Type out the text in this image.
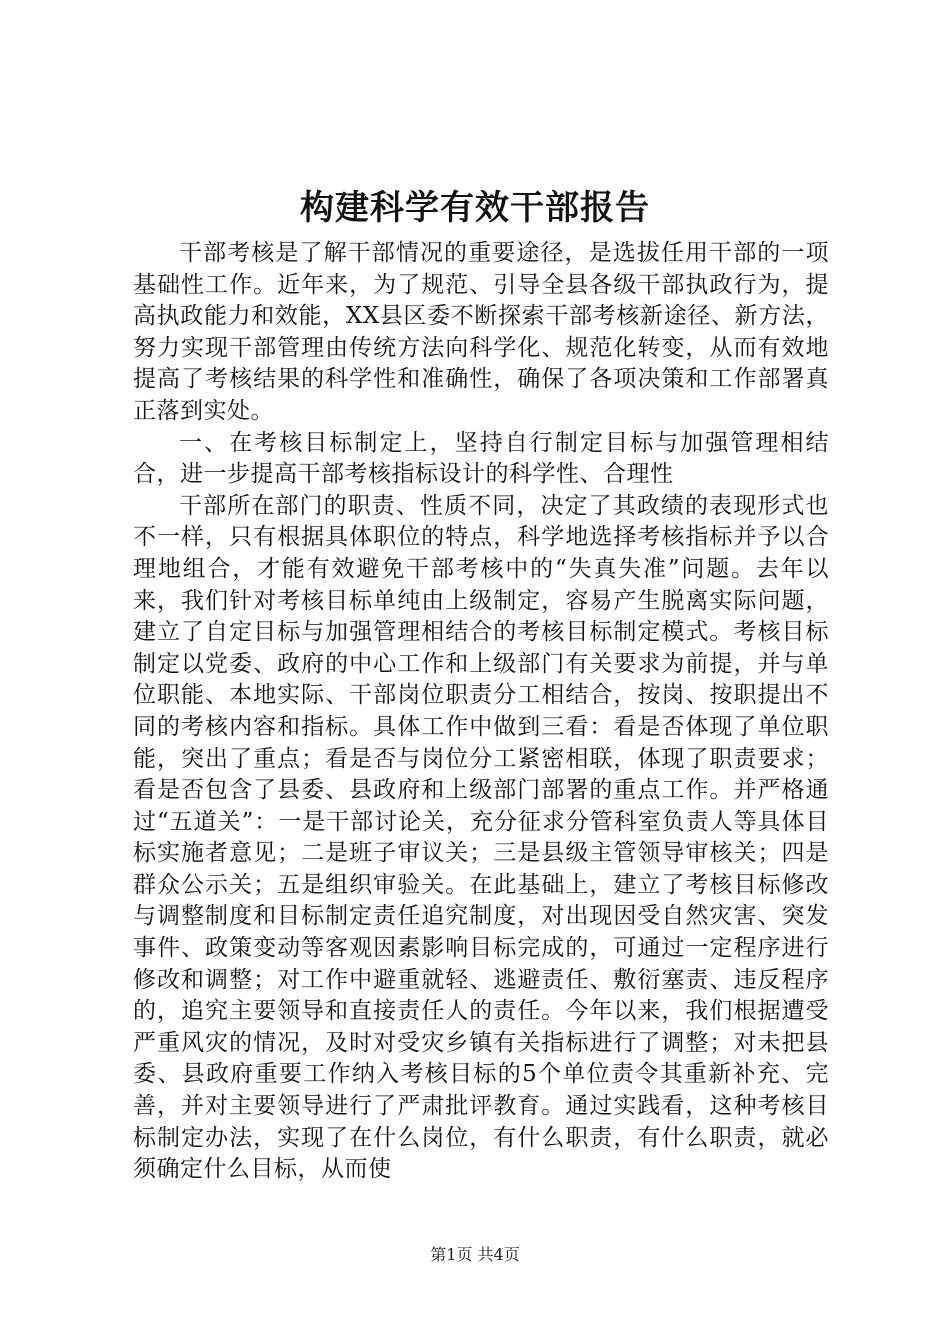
构建科学有效干部报告

干部考核是了解干部情况的重要途径，是选拔任用干部的一项基础性工作。近年来，为了规范、引导全县各级干部执政行为，提高执政能力和效能，XX县区委不断探索干部考核新途径、新方法，努力实现干部管理由传统方法向科学化、规范化转变，从而有效地提高了考核结果的科学性和准确性，确保了各项决策和工作部署真正落到实处。

一、在考核目标制定上，坚持自行制定目标与加强管理相结合，进一步提高干部考核指标设计的科学性、合理性

干部所在部门的职责、性质不同，决定了其政绩的表现形式也不一样，只有根据具体职位的特点，科学地选择考核指标并予以合理地组合，才能有效避免干部考核中的“失真失准”问题。去年以来，我们针对考核目标单纯由上级制定，容易产生脱离实际问题，建立了自定目标与加强管理相结合的考核目标制定模式。考核目标制定以党委、政府的中心工作和上级部门有关要求为前提，并与单位职能、本地实际、干部岗位职责分工相结合，按岗、按职提出不同的考核内容和指标。具体工作中做到三看：看是否体现了单位职能，突出了重点；看是否与岗位分工紧密相联，体现了职责要求；看是否包含了县委、县政府和上级部门部署的重点工作。并严格通过“五道关”：一是干部讨论关，充分征求分管科室负责人等具体目标实施者意见；二是班子审议关；三是县级主管领导审核关；四是群众公示关；五是组织审验关。在此基础上，建立了考核目标修改与调整制度和目标制定责任追究制度，对出现因受自然灾害、突发事件、政策变动等客观因素影响目标完成的，可通过一定程序进行修改和调整；对工作中避重就轻、逃避责任、敷衍塞责、违反程序的，追究主要领导和直接责任人的责任。今年以来，我们根据遭受严重风灾的情况，及时对受灾乡镇有关指标进行了调整；对未把县委、县政府重要工作纳入考核目标的5个单位责令其重新补充、完善，并对主要领导进行了严肃批评教育。通过实践看，这种考核目标制定办法，实现了在什么岗位，有什么职责，有什么职责，就必须确定什么目标，从而使

第1页 共4页
